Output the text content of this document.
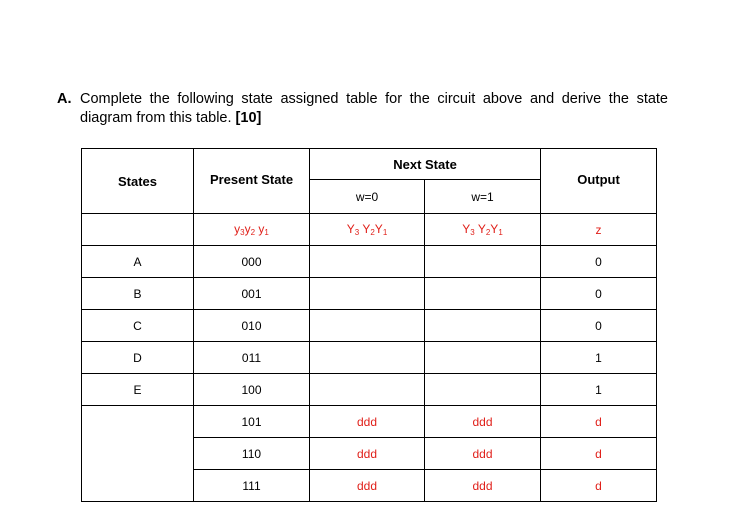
A. Complete the following state assigned table for the circuit above and derive the state
diagram from this table. [10]
States	Present State	Next State		Output

		w=0	w=1	
	$y_3y_2$ $y_1$	$Y_3$ $Y_2Y_1$	$Y_3$ $Y_2Y_1$	z
A	000			0
B	001			0
C	010			0
D	011			1
E	100			1
	101	ddd	ddd	d
	110	ddd	ddd	d
	111	ddd	ddd	d
